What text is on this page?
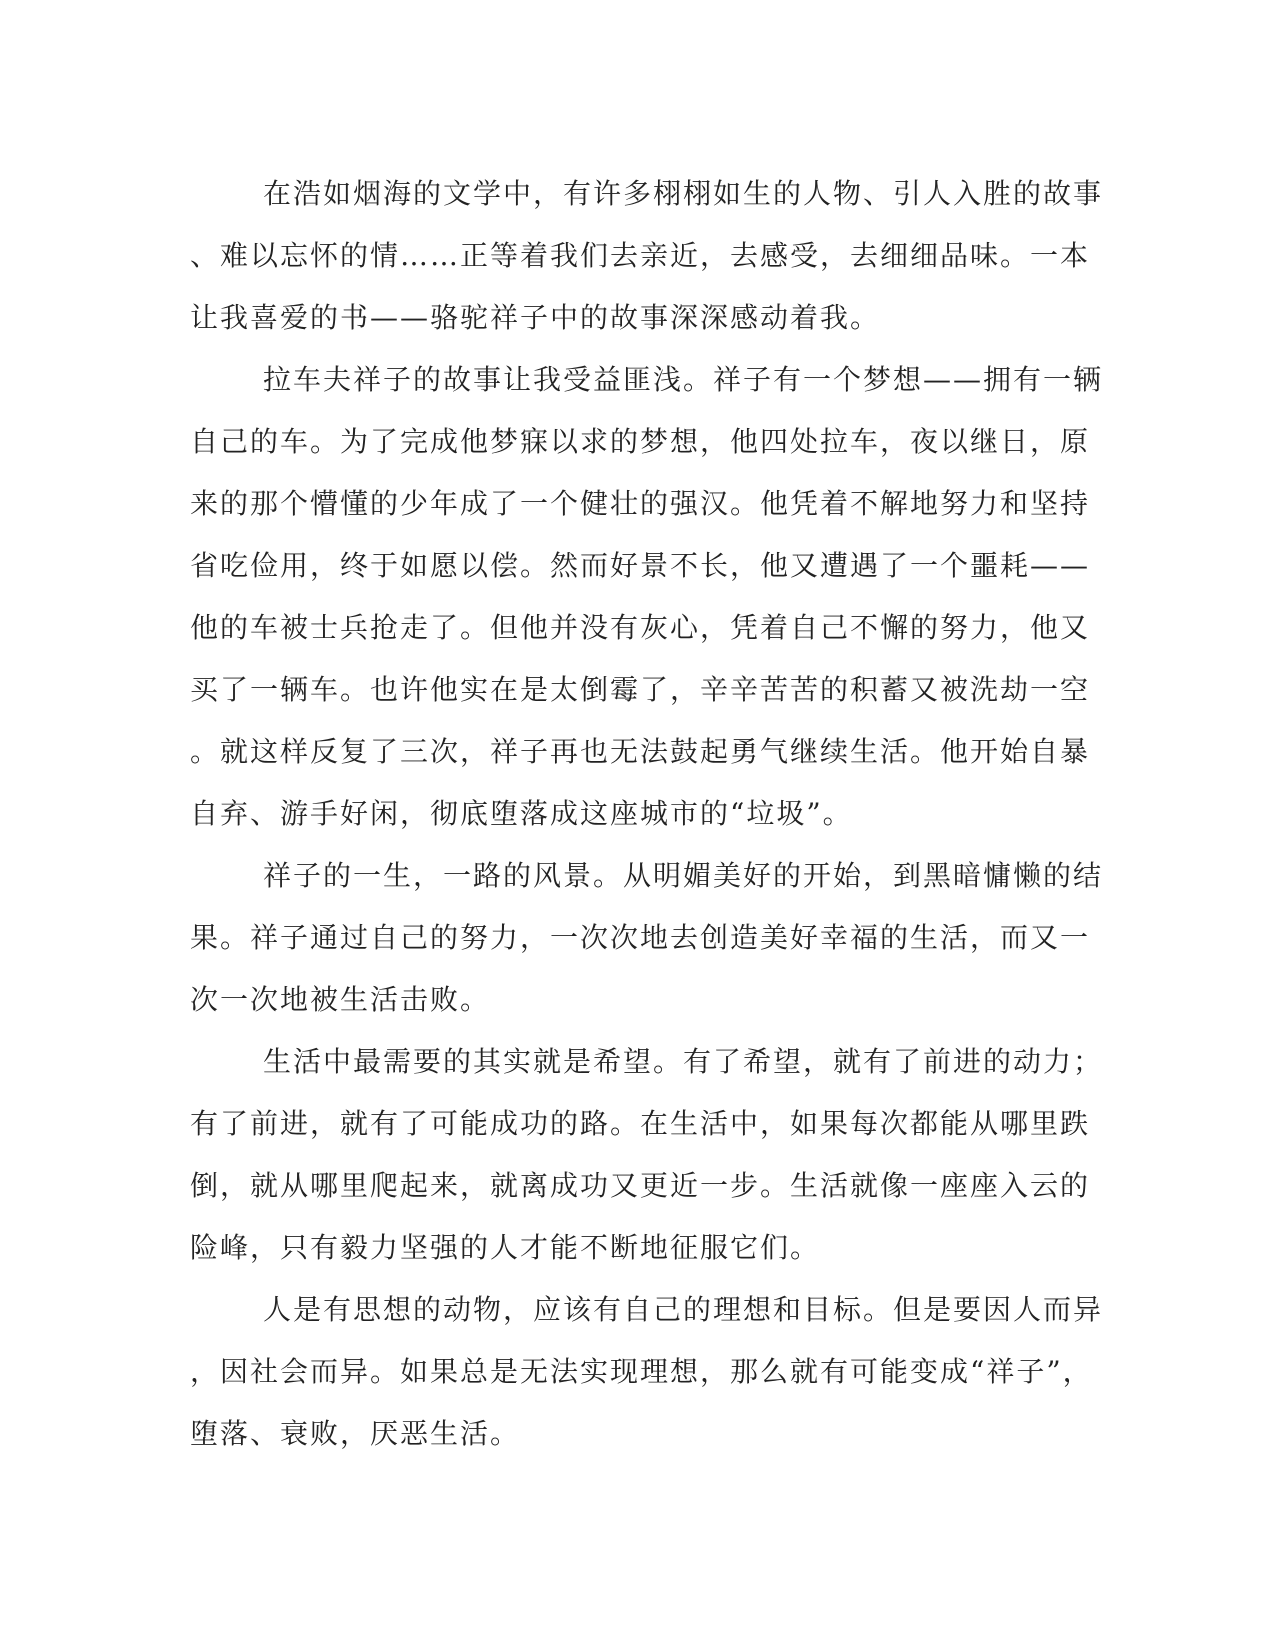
在浩如烟海的文学中，有许多栩栩如生的人物、引人入胜的故事
、难以忘怀的情……正等着我们去亲近，去感受，去细细品味。一本
让我喜爱的书——骆驼祥子中的故事深深感动着我。

拉车夫祥子的故事让我受益匪浅。祥子有一个梦想——拥有一辆
自己的车。为了完成他梦寐以求的梦想，他四处拉车，夜以继日，原
来的那个懵懂的少年成了一个健壮的强汉。他凭着不解地努力和坚持
省吃俭用，终于如愿以偿。然而好景不长，他又遭遇了一个噩耗——
他的车被士兵抢走了。但他并没有灰心，凭着自己不懈的努力，他又
买了一辆车。也许他实在是太倒霉了，辛辛苦苦的积蓄又被洗劫一空
。就这样反复了三次，祥子再也无法鼓起勇气继续生活。他开始自暴
自弃、游手好闲，彻底堕落成这座城市的“垃圾”。

祥子的一生，一路的风景。从明媚美好的开始，到黑暗慵懒的结
果。祥子通过自己的努力，一次次地去创造美好幸福的生活，而又一
次一次地被生活击败。

生活中最需要的其实就是希望。有了希望，就有了前进的动力；
有了前进，就有了可能成功的路。在生活中，如果每次都能从哪里跌
倒，就从哪里爬起来，就离成功又更近一步。生活就像一座座入云的
险峰，只有毅力坚强的人才能不断地征服它们。

人是有思想的动物，应该有自己的理想和目标。但是要因人而异
，因社会而异。如果总是无法实现理想，那么就有可能变成“祥子”，
堕落、衰败，厌恶生活。
